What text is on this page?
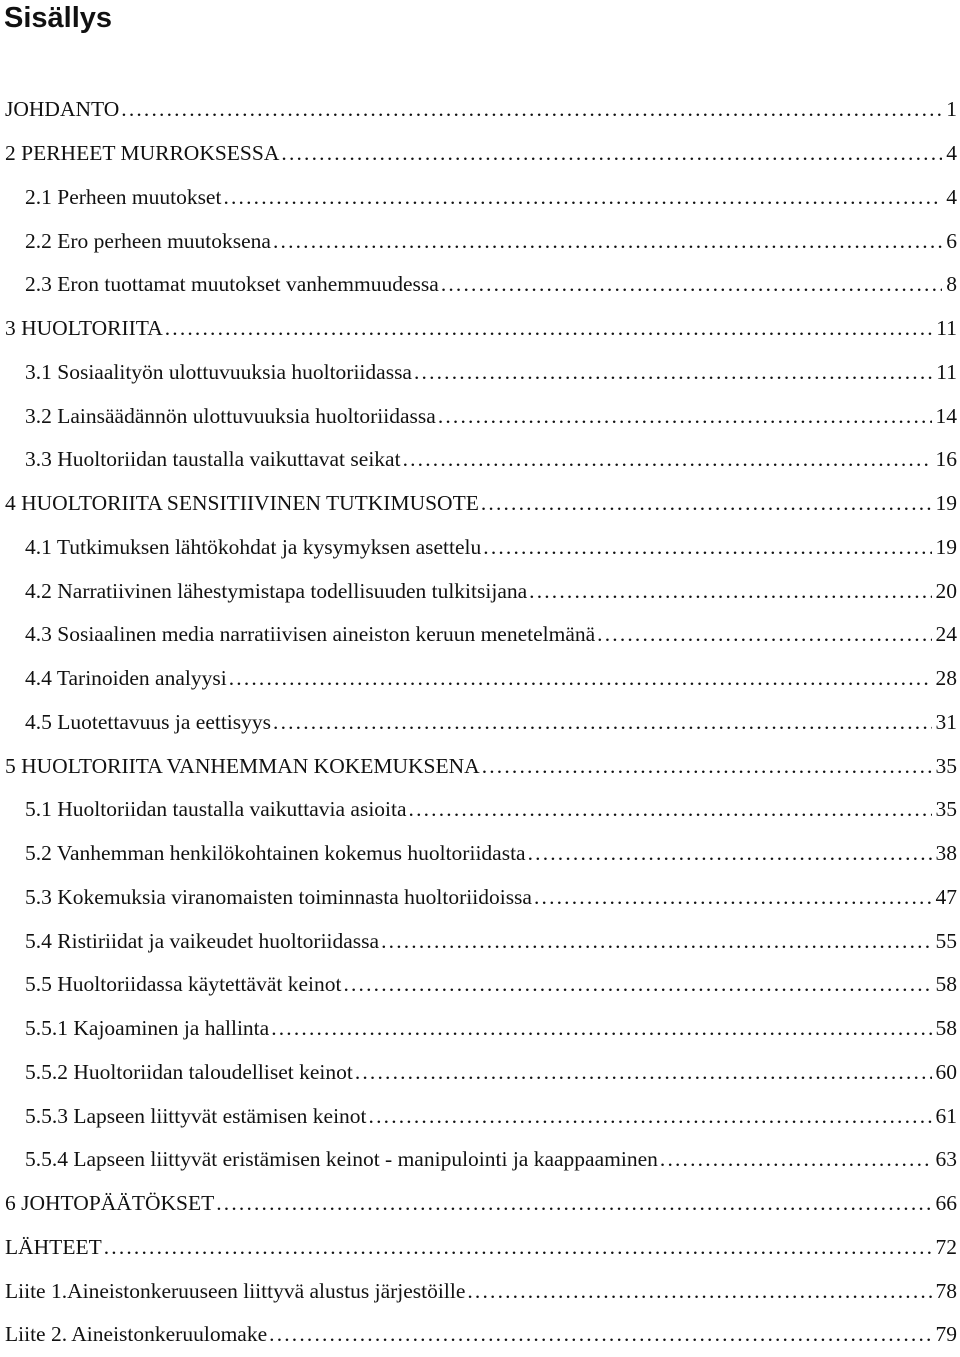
Sisällys
JOHDANTO . . .	1
2 PERHEET MURROKSESSA . . .	4
2.1 Perheen muutokset . . .	4
2.2 Ero perheen muutoksena . . .	6
2.3 Eron tuottamat muutokset vanhemmuudessa . . .	8
3 HUOLTORIITA . . .	11
3.1 Sosiaalityön ulottuvuuksia huoltoriidassa . . .	11
3.2 Lainsäädännön ulottuvuuksia huoltoriidassa . . .	14
3.3 Huoltoriidan taustalla vaikuttavat seikat . . .	16
4 HUOLTORIITA SENSITIIVINEN TUTKIMUSOTE . . .	19
4.1 Tutkimuksen lähtökohdat ja kysymyksen asettelu . . .	19
4.2 Narratiivinen lähestymistapa todellisuuden tulkitsijana . . .	20
4.3 Sosiaalinen media narratiivisen aineiston keruun menetelmänä . . .	24
4.4 Tarinoiden analyysi . . .	28
4.5 Luotettavuus ja eettisyys . . .	31
5 HUOLTORIITA VANHEMMAN KOKEMUKSENA . . .	35
5.1 Huoltoriidan taustalla vaikuttavia asioita . . .	35
5.2 Vanhemman henkilökohtainen kokemus huoltoriidasta . . .	38
5.3 Kokemuksia viranomaisten toiminnasta huoltoriidoissa . . .	47
5.4 Ristiriidat ja vaikeudet huoltoriidassa . . .	55
5.5 Huoltoriidassa käytettävät keinot . . .	58
5.5.1 Kajoaminen ja hallinta . . .	58
5.5.2 Huoltoriidan taloudelliset keinot . . .	60
5.5.3 Lapseen liittyvät estämisen keinot . . .	61
5.5.4 Lapseen liittyvät eristämisen keinot - manipulointi ja kaappaaminen . . .	63
6 JOHTOPÄÄTÖKSET . . .	66
LÄHTEET . . .	72
Liite 1.Aineistonkeruuseen liittyvä alustus järjestöille . . .	78
Liite 2. Aineistonkeruulomake . . .	79
